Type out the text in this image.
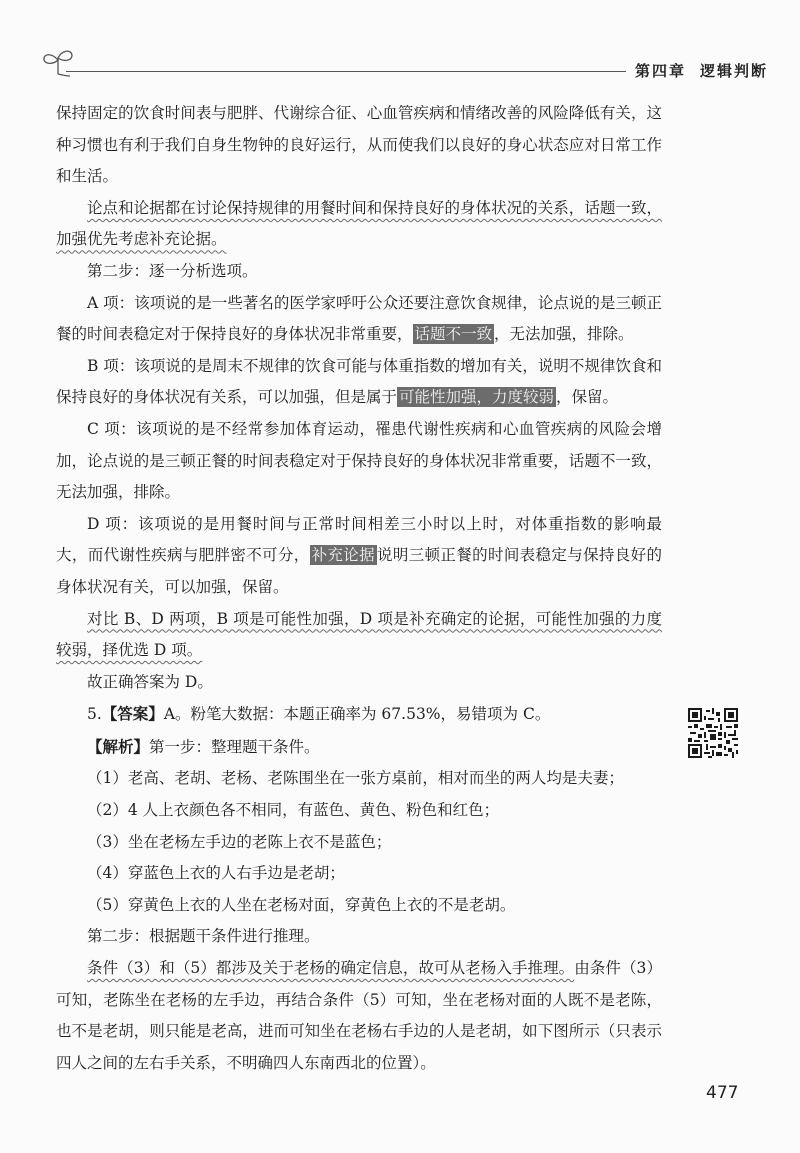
第四章 逻辑判断

保持固定的饮食时间表与肥胖、代谢综合征、心血管疾病和情绪改善的风险降低有关，这种习惯也有利于我们自身生物钟的良好运行，从而使我们以良好的身心状态应对日常工作和生活。

论点和论据都在讨论保持规律的用餐时间和保持良好的身体状况的关系，话题一致，加强优先考虑补充论据。

第二步：逐一分析选项。

A 项：该项说的是一些著名的医学家呼吁公众还要注意饮食规律，论点说的是三顿正餐的时间表稳定对于保持良好的身体状况非常重要， 话题不一致 ，无法加强，排除。

B 项：该项说的是周末不规律的饮食可能与体重指数的增加有关，说明不规律饮食和保持良好的身体状况有关系，可以加强，但是属于 可能性加强，力度较弱 ，保留。

C 项：该项说的是不经常参加体育运动，罹患代谢性疾病和心血管疾病的风险会增加，论点说的是三顿正餐的时间表稳定对于保持良好的身体状况非常重要，话题不一致，无法加强，排除。

D 项：该项说的是用餐时间与正常时间相差三小时以上时，对体重指数的影响最大，而代谢性疾病与肥胖密不可分， 补充论据 说明三顿正餐的时间表稳定与保持良好的身体状况有关，可以加强，保留。

对比 B、D 两项，B 项是可能性加强，D 项是补充确定的论据，可能性加强的力度较弱，择优选 D 项。

故正确答案为 D。

5.【答案】A。粉笔大数据：本题正确率为 67.53%，易错项为 C。

【解析】第一步：整理题干条件。

（1）老高、老胡、老杨、老陈围坐在一张方桌前，相对而坐的两人均是夫妻；

（2）4 人上衣颜色各不相同，有蓝色、黄色、粉色和红色；

（3）坐在老杨左手边的老陈上衣不是蓝色；

（4）穿蓝色上衣的人右手边是老胡；

（5）穿黄色上衣的人坐在老杨对面，穿黄色上衣的不是老胡。

第二步：根据题干条件进行推理。

条件（3）和（5）都涉及关于老杨的确定信息，故可从老杨入手推理。由条件（3）可知，老陈坐在老杨的左手边，再结合条件（5）可知，坐在老杨对面的人既不是老陈，也不是老胡，则只能是老高，进而可知坐在老杨右手边的人是老胡，如下图所示（只表示四人之间的左右手关系，不明确四人东南西北的位置）。

477
